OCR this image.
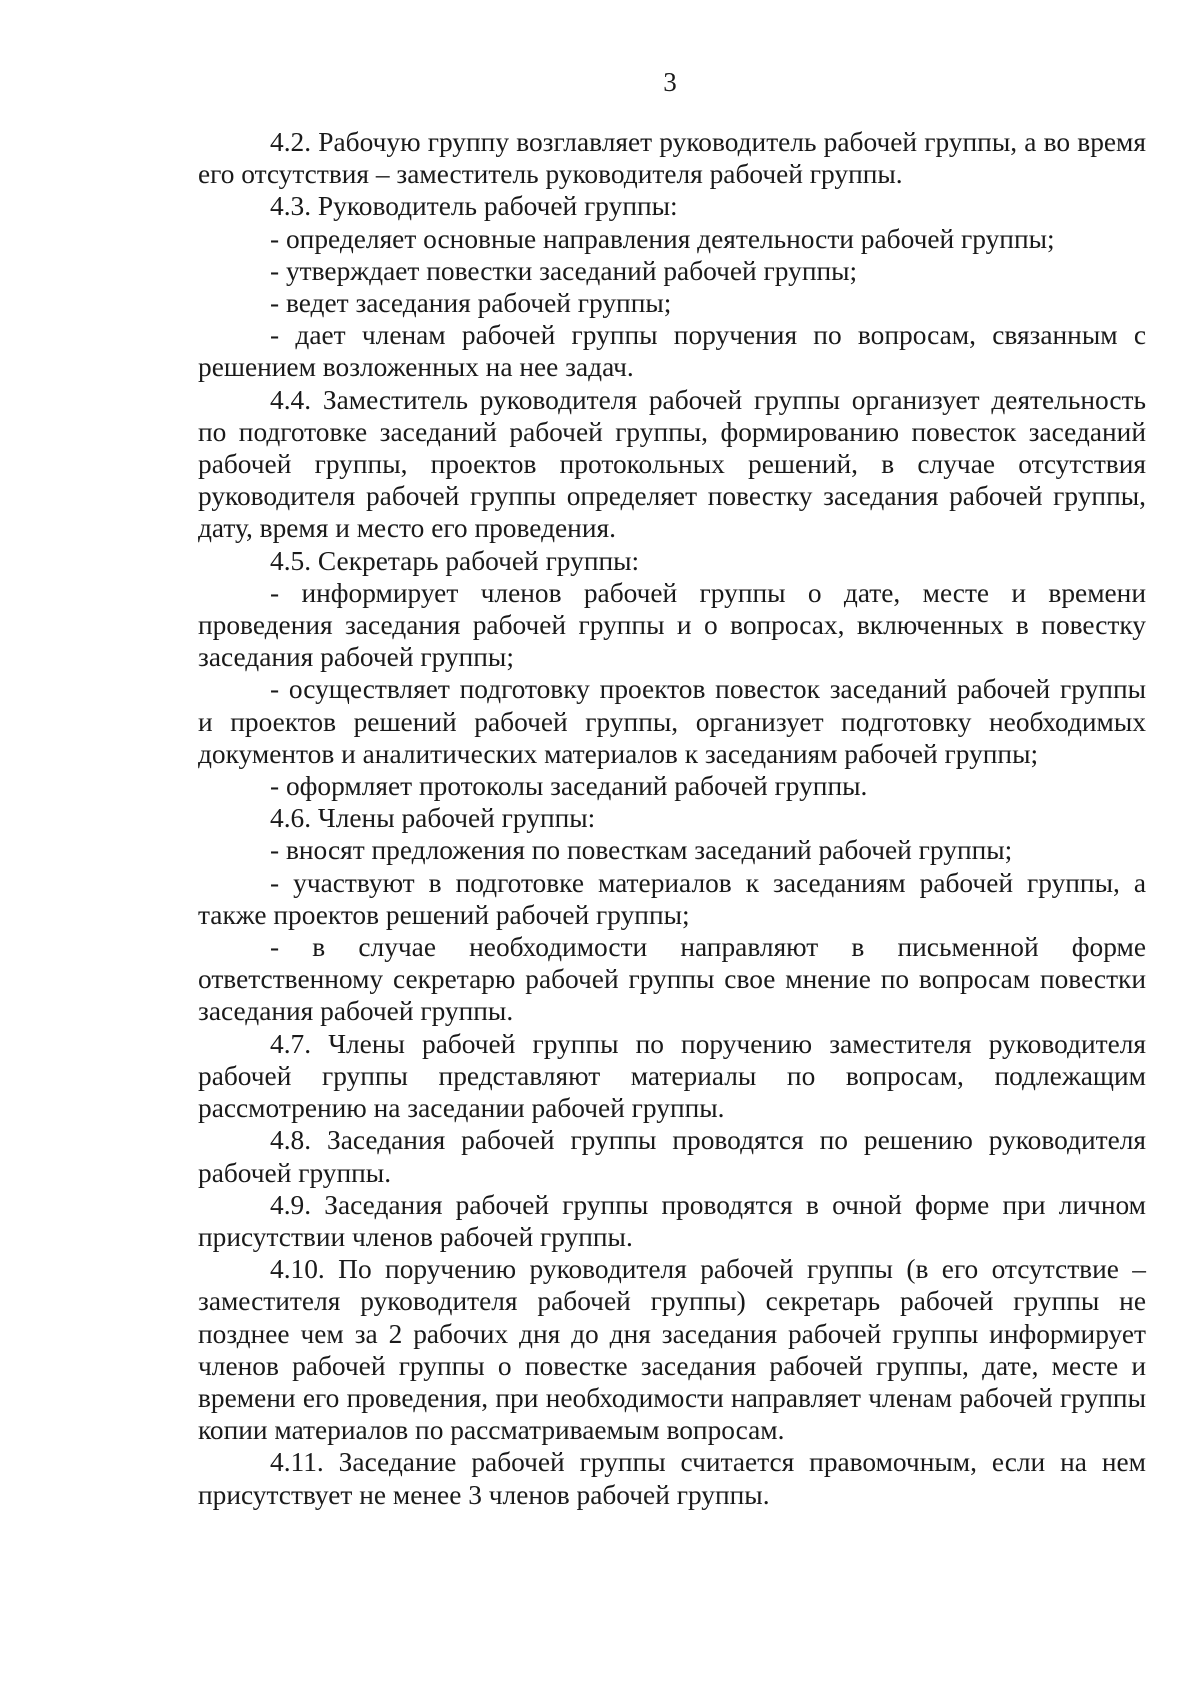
3

4.2. Рабочую группу возглавляет руководитель рабочей группы, а во время его отсутствия – заместитель руководителя рабочей группы.

4.3. Руководитель рабочей группы:

- определяет основные направления деятельности рабочей группы;

- утверждает повестки заседаний рабочей группы;

- ведет заседания рабочей группы;

- дает членам рабочей группы поручения по вопросам, связанным с решением возложенных на нее задач.

4.4. Заместитель руководителя рабочей группы организует деятельность по подготовке заседаний рабочей группы, формированию повесток заседаний рабочей группы, проектов протокольных решений, в случае отсутствия руководителя рабочей группы определяет повестку заседания рабочей группы, дату, время и место его проведения.

4.5. Секретарь рабочей группы:

- информирует членов рабочей группы о дате, месте и времени проведения заседания рабочей группы и о вопросах, включенных в повестку заседания рабочей группы;

- осуществляет подготовку проектов повесток заседаний рабочей группы и проектов решений рабочей группы, организует подготовку необходимых документов и аналитических материалов к заседаниям рабочей группы;

- оформляет протоколы заседаний рабочей группы.

4.6. Члены рабочей группы:

- вносят предложения по повесткам заседаний рабочей группы;

- участвуют в подготовке материалов к заседаниям рабочей группы, а также проектов решений рабочей группы;

- в случае необходимости направляют в письменной форме ответственному секретарю рабочей группы свое мнение по вопросам повестки заседания рабочей группы.

4.7. Члены рабочей группы по поручению заместителя руководителя рабочей группы представляют материалы по вопросам, подлежащим рассмотрению на заседании рабочей группы.

4.8. Заседания рабочей группы проводятся по решению руководителя рабочей группы.

4.9. Заседания рабочей группы проводятся в очной форме при личном присутствии членов рабочей группы.

4.10. По поручению руководителя рабочей группы (в его отсутствие – заместителя руководителя рабочей группы) секретарь рабочей группы не позднее чем за 2 рабочих дня до дня заседания рабочей группы информирует членов рабочей группы о повестке заседания рабочей группы, дате, месте и времени его проведения, при необходимости направляет членам рабочей группы копии материалов по рассматриваемым вопросам.

4.11. Заседание рабочей группы считается правомочным, если на нем присутствует не менее 3 членов рабочей группы.
